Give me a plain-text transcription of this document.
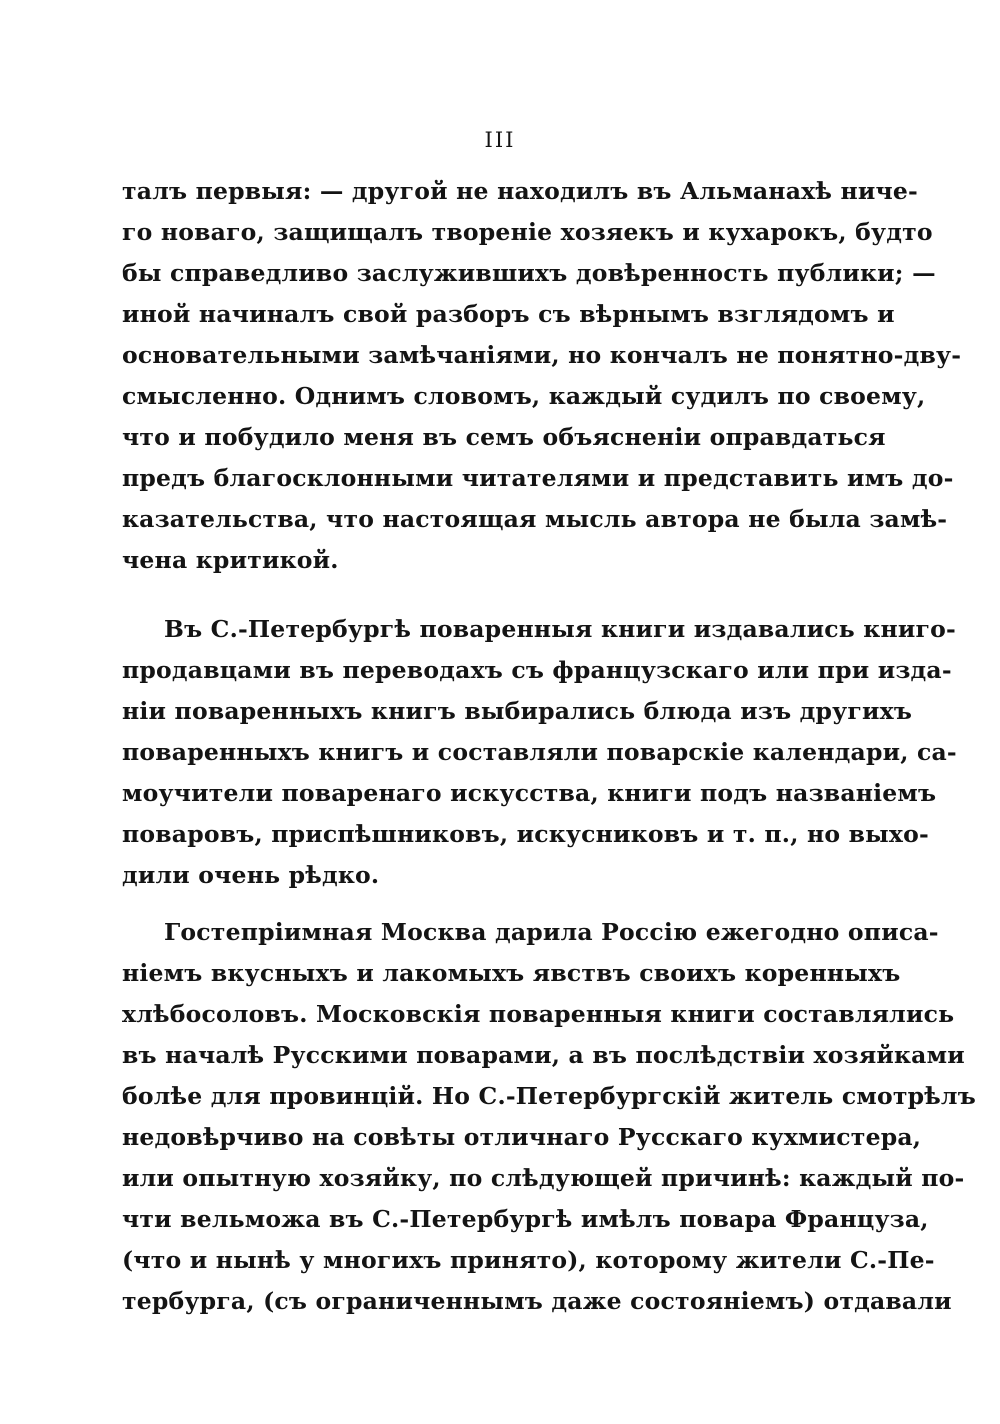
III
талъ первыя: — другой не находилъ въ Альманахѣ ниче-
го новаго, защищалъ творенiе хозяекъ и кухарокъ, будто
бы справедливо заслужившихъ довѣренность публики; —
иной начиналъ свой разборъ съ вѣрнымъ взглядомъ и
основательными замѣчанiями, но кончалъ не понятно-дву-
смысленно. Однимъ словомъ, каждый судилъ по своему,
что и побудило меня въ семъ объясненiи оправдаться
предъ благосклонными читателями и представить имъ до-
казательства, что настоящая мысль автора не была замѣ-
чена критикой.
Въ С.-Петербургѣ поваренныя книги издавались книго-
продавцами въ переводахъ съ французскаго или при изда-
нiи поваренныхъ книгъ выбирались блюда изъ другихъ
поваренныхъ книгъ и составляли поварскiе календари, са-
моучители поваренаго искусства, книги подъ названiемъ
поваровъ, приспѣшниковъ, искусниковъ и т. п., но выхо-
дили очень рѣдко.
Гостепрiимная Москва дарила Россiю ежегодно описа-
нiемъ вкусныхъ и лакомыхъ явствъ своихъ коренныхъ
хлѣбосоловъ. Московскiя поваренныя книги составлялись
въ началѣ Русскими поварами, а въ послѣдствiи хозяйками
болѣе для провинцiй. Но С.-Петербургскiй житель смотрѣлъ
недовѣрчиво на совѣты отличнаго Русскаго кухмистера,
или опытную хозяйку, по слѣдующей причинѣ: каждый по-
чти вельможа въ С.-Петербургѣ имѣлъ повара Француза,
(что и нынѣ у многихъ принято), которому жители С.-Пе-
тербурга, (съ ограниченнымъ даже состоянiемъ) отдавали
